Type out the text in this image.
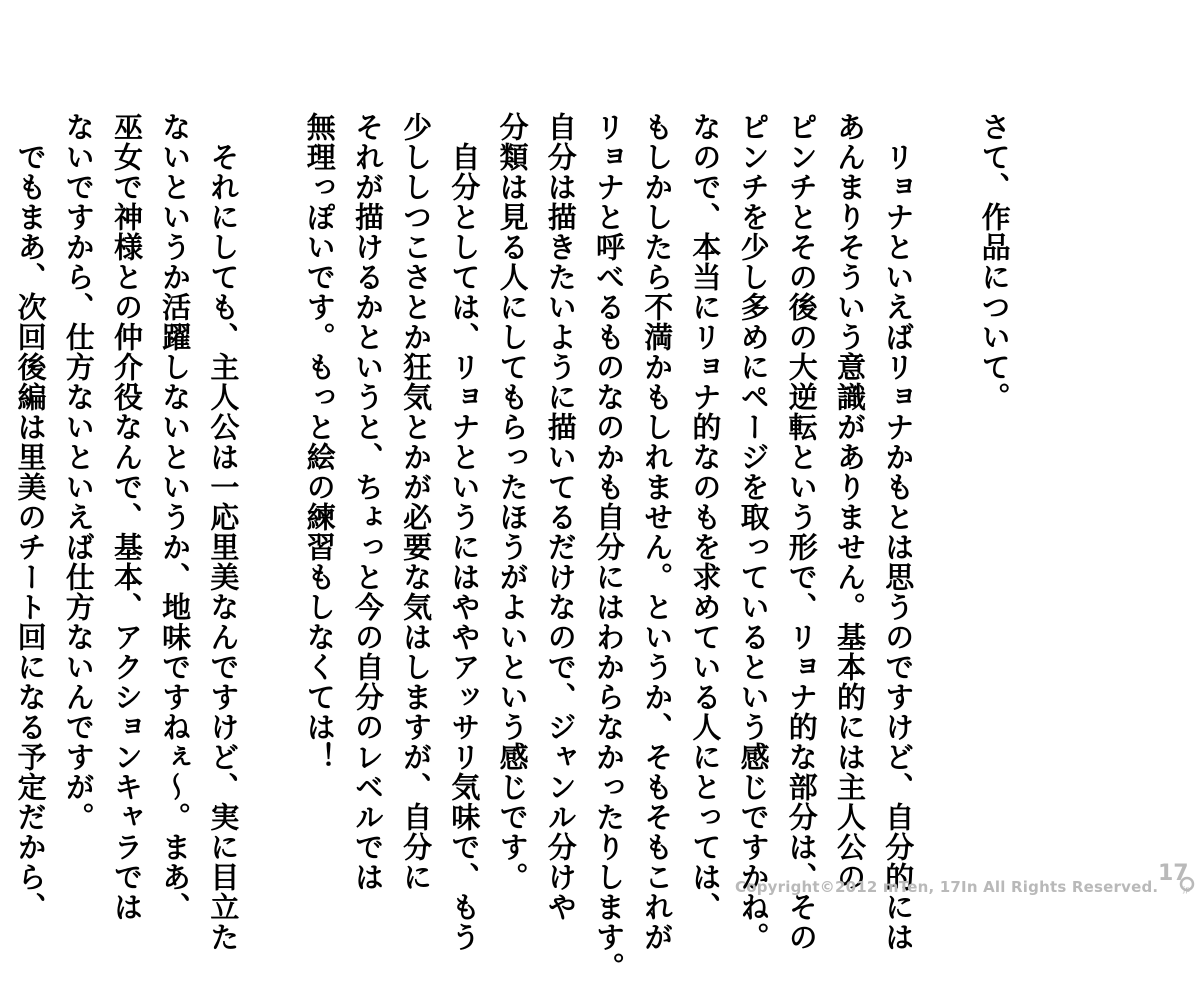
さて、作品について。
　リョナといえばリョナかもとは思うのですけど、自分的には
あんまりそういう意識がありません。基本的には主人公の
ピンチとその後の大逆転という形で、リョナ的な部分は、その
ピンチを少し多めにページを取っているという感じですかね。
なので、本当にリョナ的なのもを求めている人にとっては、
もしかしたら不満かもしれません。というか、そもそもこれが
リョナと呼べるものなのかも自分にはわからなかったりします。
自分は描きたいように描いてるだけなので、ジャンル分けや
分類は見る人にしてもらったほうがよいという感じです。
　自分としては、リョナというにはややアッサリ気味で、もう
少ししつこさとか狂気とかが必要な気はしますが、自分に
それが描けるかというと、ちょっと今の自分のレベルでは
無理っぽいです。もっと絵の練習もしなくては！
　それにしても、主人公は一応里美なんですけど、実に目立た
ないというか活躍しないというか、地味ですねぇ～。まあ、
巫女で神様との仲介役なんで、基本、アクションキャラでは
ないですから、仕方ないといえば仕方ないんですが。
　でもまあ、次回後編は里美のチート回になる予定だから、

	Copyright©2012 mTen, 17In All Rights Reserved.
17
jp
